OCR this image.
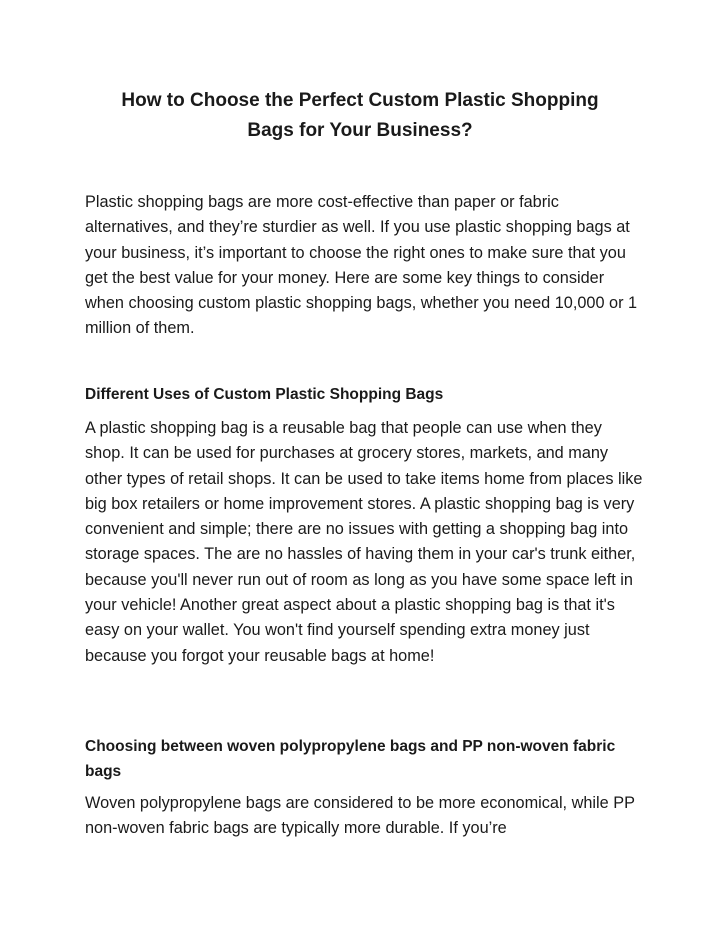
How to Choose the Perfect Custom Plastic Shopping
Bags for Your Business?

Plastic shopping bags are more cost-effective than paper or fabric alternatives, and they’re sturdier as well. If you use plastic shopping bags at your business, it’s important to choose the right ones to make sure that you get the best value for your money. Here are some key things to consider when choosing custom plastic shopping bags, whether you need 10,000 or 1 million of them.

Different Uses of Custom Plastic Shopping Bags

A plastic shopping bag is a reusable bag that people can use when they shop. It can be used for purchases at grocery stores, markets, and many other types of retail shops. It can be used to take items home from places like big box retailers or home improvement stores. A plastic shopping bag is very convenient and simple; there are no issues with getting a shopping bag into storage spaces. The are no hassles of having them in your car's trunk either, because you'll never run out of room as long as you have some space left in your vehicle! Another great aspect about a plastic shopping bag is that it's easy on your wallet. You won't find yourself spending extra money just because you forgot your reusable bags at home!

Choosing between woven polypropylene bags and PP non-woven fabric bags

Woven polypropylene bags are considered to be more economical, while PP non-woven fabric bags are typically more durable. If you’re
